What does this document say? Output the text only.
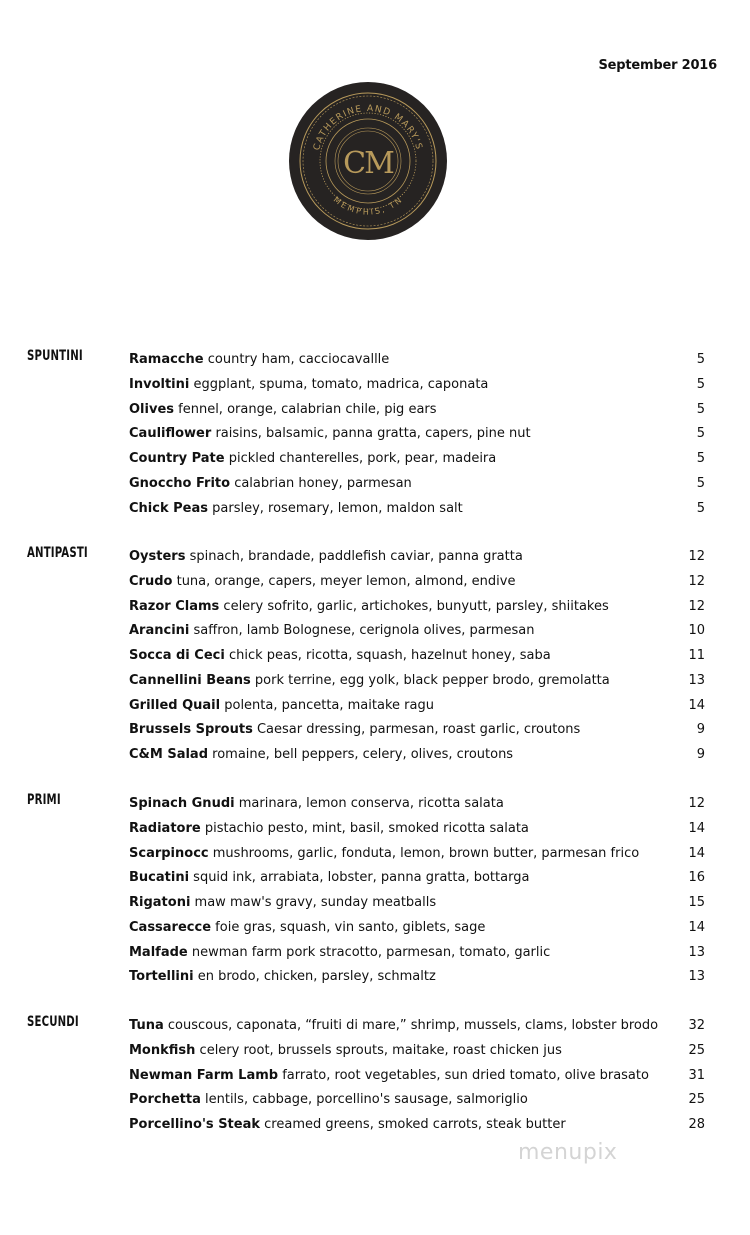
September 2016
CATHERINE AND MARY'S
MEMPHIS, TN
CM
SPUNTINI	Ramacche country ham, cacciocavallle	5
Involtini eggplant, spuma, tomato, madrica, caponata	5
Olives fennel, orange, calabrian chile, pig ears	5
Cauliflower raisins, balsamic, panna gratta, capers, pine nut	5
Country Pate pickled chanterelles, pork, pear, madeira	5
Gnoccho Frito calabrian honey, parmesan	5
Chick Peas parsley, rosemary, lemon, maldon salt	5
ANTIPASTI	Oysters spinach, brandade, paddlefish caviar, panna gratta	12
Crudo tuna, orange, capers, meyer lemon, almond, endive	12
Razor Clams celery sofrito, garlic, artichokes, bunyutt, parsley, shiitakes	12
Arancini saffron, lamb Bolognese, cerignola olives, parmesan	10
Socca di Ceci chick peas, ricotta, squash, hazelnut honey, saba	11
Cannellini Beans pork terrine, egg yolk, black pepper brodo, gremolatta	13
Grilled Quail polenta, pancetta, maitake ragu	14
Brussels Sprouts Caesar dressing, parmesan, roast garlic, croutons	9
C&M Salad romaine, bell peppers, celery, olives, croutons	9
PRIMI	Spinach Gnudi marinara, lemon conserva, ricotta salata	12
Radiatore pistachio pesto, mint, basil, smoked ricotta salata	14
Scarpinocc mushrooms, garlic, fonduta, lemon, brown butter, parmesan frico	14
Bucatini squid ink, arrabiata, lobster, panna gratta, bottarga	16
Rigatoni maw maw's gravy, sunday meatballs	15
Cassarecce foie gras, squash, vin santo, giblets, sage	14
Malfade newman farm pork stracotto, parmesan, tomato, garlic	13
Tortellini en brodo, chicken, parsley, schmaltz	13
SECUNDI	Tuna couscous, caponata, “fruiti di mare,” shrimp, mussels, clams, lobster brodo 32
Monkfish celery root, brussels sprouts, maitake, roast chicken jus	25
Newman Farm Lamb farrato, root vegetables, sun dried tomato, olive brasato	31
Porchetta lentils, cabbage, porcellino's sausage, salmoriglio	25
Porcellino's Steak creamed greens, smoked carrots, steak butter	28
menupix
